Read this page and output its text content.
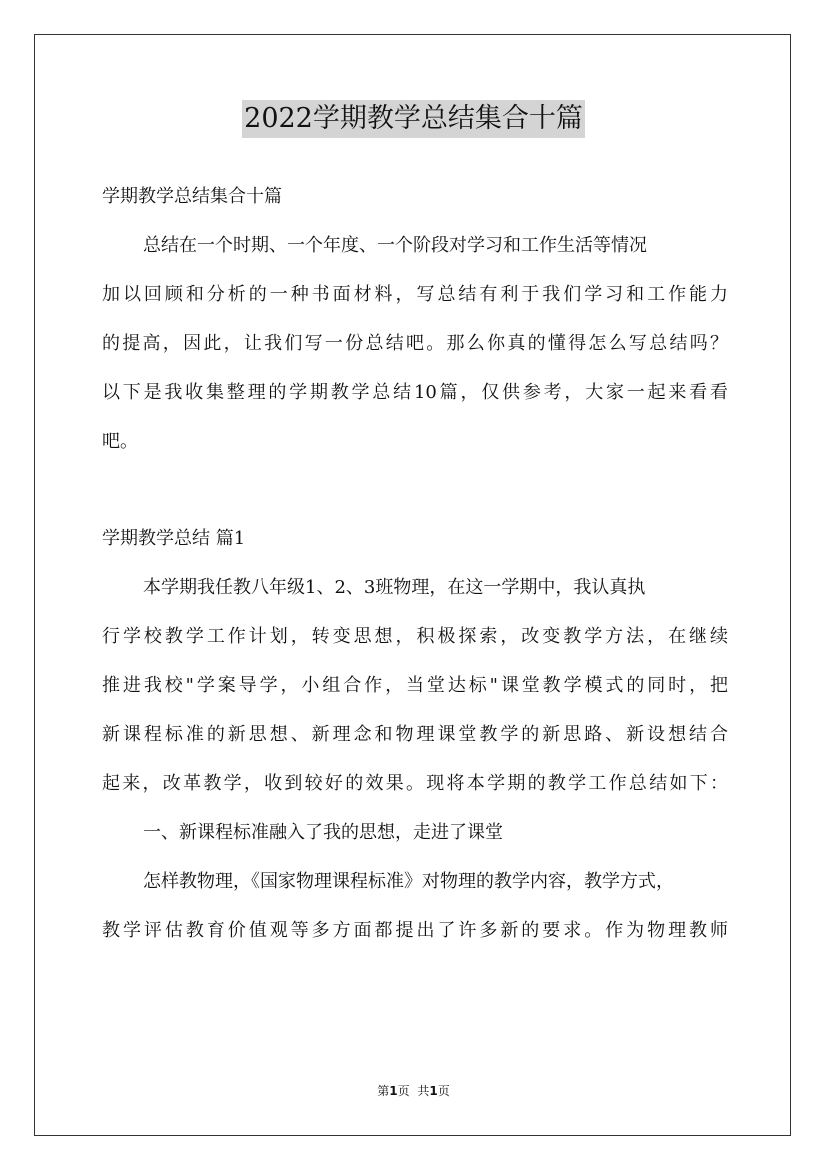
2022学期教学总结集合十篇
学期教学总结集合十篇
总结在一个时期、一个年度、一个阶段对学习和工作生活等情况
加以回顾和分析的一种书面材料，写总结有利于我们学习和工作能力
的提高，因此，让我们写一份总结吧。那么你真的懂得怎么写总结吗？
以下是我收集整理的学期教学总结10篇，仅供参考，大家一起来看看
吧。
学期教学总结 篇1
本学期我任教八年级1、2、3班物理，在这一学期中，我认真执
行学校教学工作计划，转变思想，积极探索，改变教学方法，在继续
推进我校"学案导学，小组合作，当堂达标"课堂教学模式的同时，把
新课程标准的新思想、新理念和物理课堂教学的新思路、新设想结合
起来，改革教学，收到较好的效果。现将本学期的教学工作总结如下：
一、新课程标准融入了我的思想，走进了课堂
怎样教物理，《国家物理课程标准》对物理的教学内容，教学方式，
教学评估教育价值观等多方面都提出了许多新的要求。作为物理教师
第1页 共1页
